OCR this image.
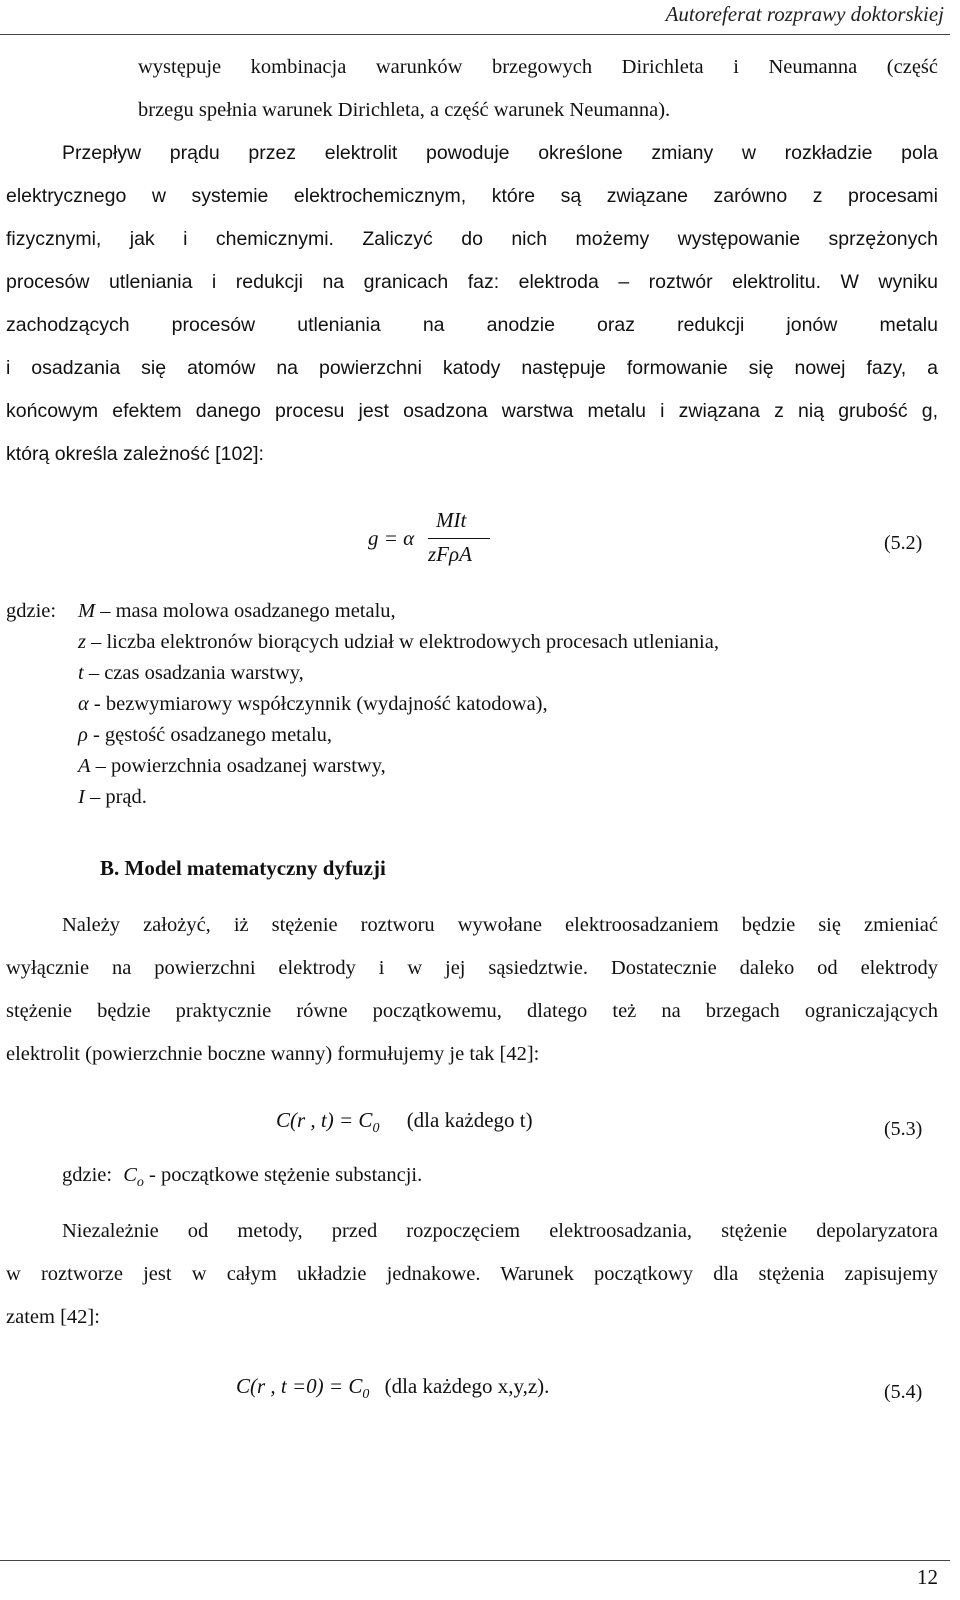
Autoreferat rozprawy doktorskiej
występuje kombinacja warunków brzegowych Dirichleta i Neumanna (część
brzegu spełnia warunek Dirichleta, a część warunek Neumanna).
Przepływ prądu przez elektrolit powoduje określone zmiany w rozkładzie pola
elektrycznego w systemie elektrochemicznym, które są związane zarówno z procesami
fizycznymi, jak i chemicznymi. Zaliczyć do nich możemy występowanie sprzężonych
procesów utleniania i redukcji na granicach faz: elektroda – roztwór elektrolitu. W wyniku
zachodzących procesów utleniania na anodzie oraz redukcji jonów metalu
i osadzania się atomów na powierzchni katody następuje formowanie się nowej fazy, a
końcowym efektem danego procesu jest osadzona warstwa metalu i związana z nią grubość g,
którą określa zależność [102]:
g = α
MIt
zFρA	(5.2)
gdzie: M – masa molowa osadzanego metalu,
z – liczba elektronów biorących udział w elektrodowych procesach utleniania,
t – czas osadzania warstwy,
α - bezwymiarowy współczynnik (wydajność katodowa),
ρ - gęstość osadzanego metalu,
A – powierzchnia osadzanej warstwy,
I – prąd.
B. Model matematyczny dyfuzji
Należy założyć, iż stężenie roztworu wywołane elektroosadzaniem będzie się zmieniać
wyłącznie na powierzchni elektrody i w jej sąsiedztwie. Dostatecznie daleko od elektrody
stężenie będzie praktycznie równe początkowemu, dlatego też na brzegach ograniczających
elektrolit (powierzchnie boczne wanny) formułujemy je tak [42]:
C(r , $t) = C_0$ (dla każdego t)	(5.3)
gdzie: $C_o$ - początkowe stężenie substancji.
Niezależnie od metody, przed rozpoczęciem elektroosadzania, stężenie depolaryzatora
w roztworze jest w całym układzie jednakowe. Warunek początkowy dla stężenia zapisujemy
zatem [42]:
C(r , $t =0) = C_0$ (dla każdego x,y,z).	(5.4)
12
